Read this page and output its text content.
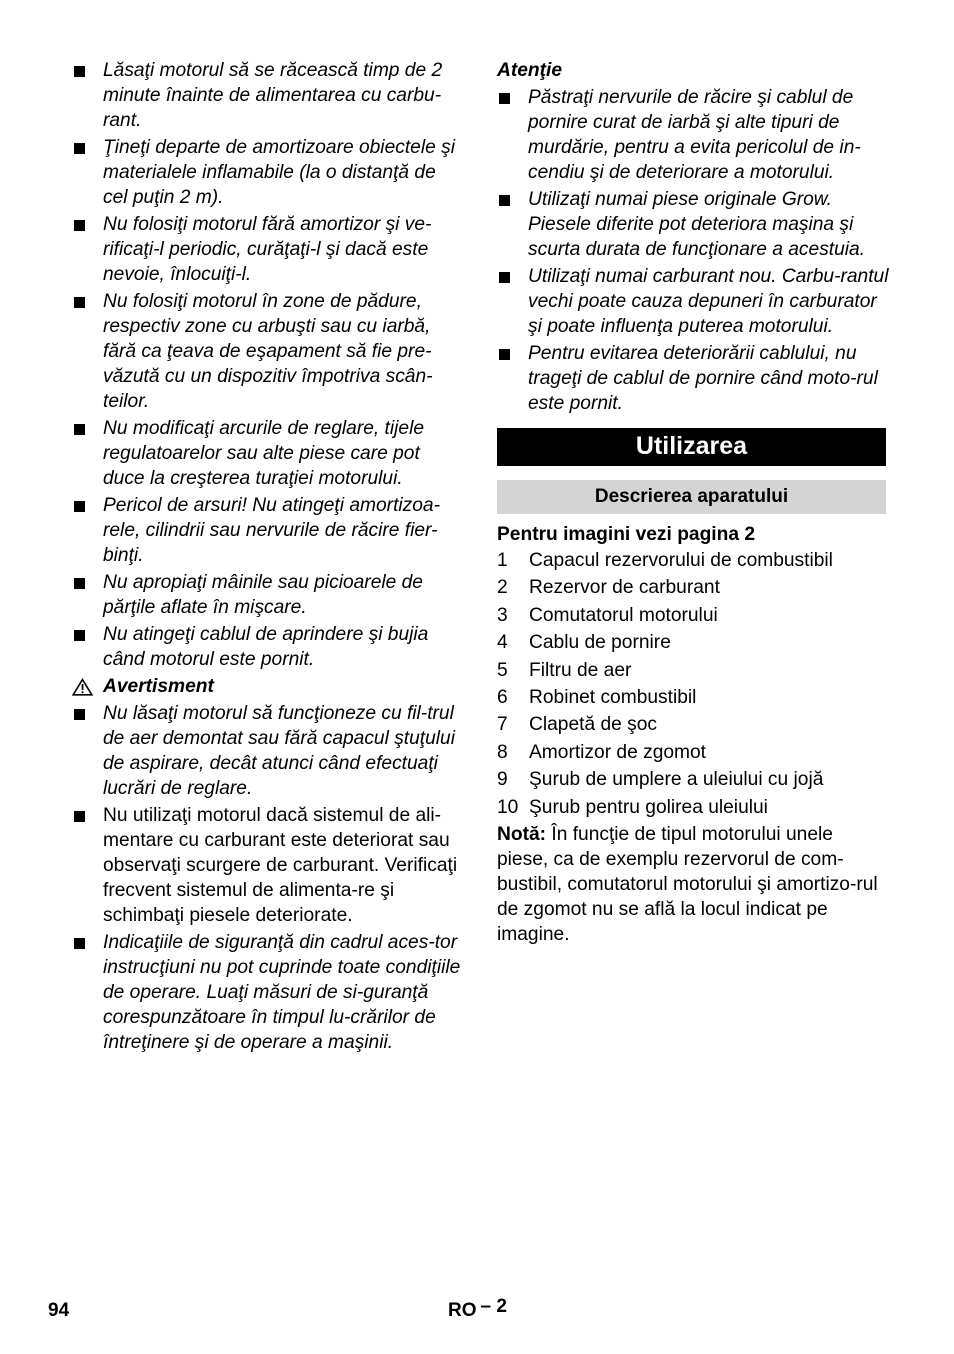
Lăsaţi motorul să se răcească timp de 2 minute înainte de alimentarea cu carbu-rant.
Ţineţi departe de amortizoare obiectele şi materialele inflamabile (la o distanţă de cel puţin 2 m).
Nu folosiţi motorul fără amortizor şi ve-rificaţi-l periodic, curăţaţi-l şi dacă este nevoie, înlocuiţi-l.
Nu folosiţi motorul în zone de pădure, respectiv zone cu arbuşti sau cu iarbă, fără ca ţeava de eşapament să fie pre-văzută cu un dispozitiv împotriva scân-teilor.
Nu modificaţi arcurile de reglare, tijele regulatoarelor sau alte piese care pot duce la creşterea turaţiei motorului.
Pericol de arsuri! Nu atingeţi amortizoa-rele, cilindrii sau nervurile de răcire fier-binţi.
Nu apropiaţi mâinile sau picioarele de părţile aflate în mişcare.
Nu atingeţi cablul de aprindere şi bujia când motorul este pornit.
Avertisment
Nu lăsaţi motorul să funcţioneze cu fil-trul de aer demontat sau fără capacul ştuţului de aspirare, decât atunci când efectuaţi lucrări de reglare.
Nu utilizaţi motorul dacă sistemul de ali-mentare cu carburant este deteriorat sau observaţi scurgere de carburant. Verificaţi frecvent sistemul de alimenta-re şi schimbaţi piesele deteriorate.
Indicaţiile de siguranţă din cadrul aces-tor instrucţiuni nu pot cuprinde toate condiţiile de operare. Luaţi măsuri de si-guranţă corespunzătoare în timpul lu-crărilor de întreţinere şi de operare a maşinii.
Atenţie
Păstraţi nervurile de răcire şi cablul de pornire curat de iarbă şi alte tipuri de murdărie, pentru a evita pericolul de in-cendiu şi de deteriorare a motorului.
Utilizaţi numai piese originale Grow. Piesele diferite pot deteriora maşina şi scurta durata de funcţionare a acestuia.
Utilizaţi numai carburant nou. Carbu-rantul vechi poate cauza depuneri în carburator şi poate influenţa puterea motorului.
Pentru evitarea deteriorării cablului, nu trageţi de cablul de pornire când moto-rul este pornit.
Utilizarea
Descrierea aparatului
Pentru imagini vezi pagina 2
1	Capacul rezervorului de combustibil
2	Rezervor de carburant
3	Comutatorul motorului
4	Cablu de pornire
5	Filtru de aer
6	Robinet combustibil
7	Clapetă de şoc
8	Amortizor de zgomot
9	Şurub de umplere a uleiului cu jojă
10 Şurub pentru golirea uleiului
Notă: În funcţie de tipul motorului unele piese, ca de exemplu rezervorul de com-bustibil, comutatorul motorului şi amortizo-rul de zgomot nu se află la locul indicat pe imagine.
94	RO – 2
